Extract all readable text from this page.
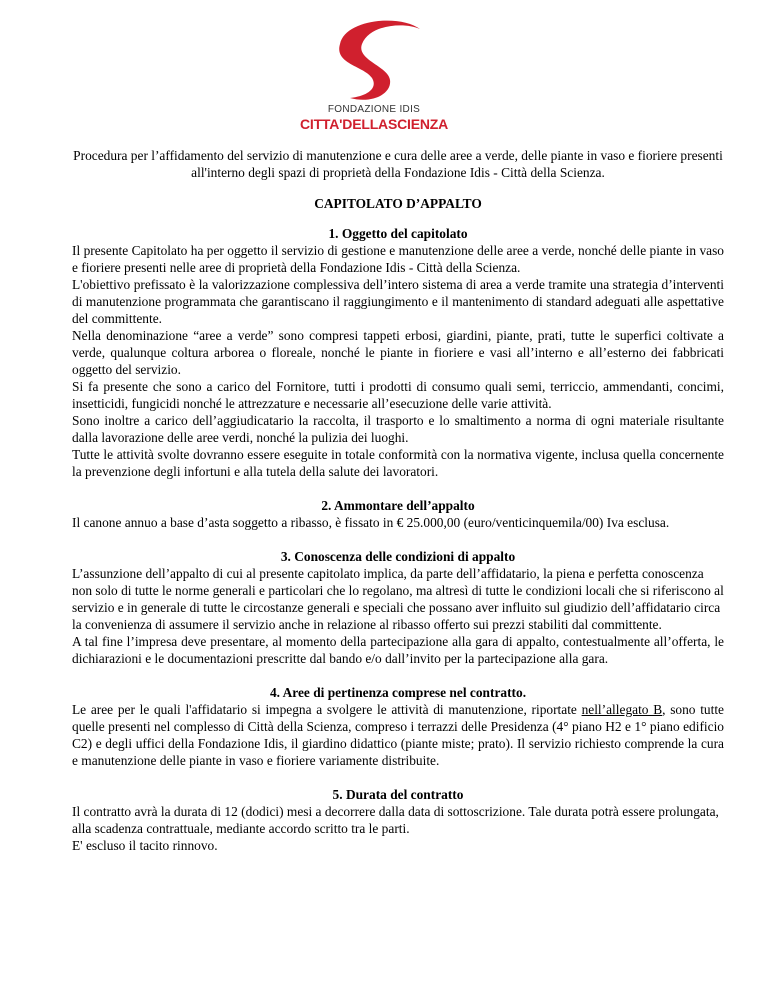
FONDAZIONE IDIS
CITTA'DELLASCIENZA

Procedura per l’affidamento del servizio di manutenzione e cura delle aree a verde, delle piante in vaso e fioriere presenti all'interno degli spazi di proprietà della Fondazione Idis - Città della Scienza.

CAPITOLATO D’APPALTO

1. Oggetto del capitolato

Il presente Capitolato ha per oggetto il servizio di gestione e manutenzione delle aree a verde, nonché delle piante in vaso e fioriere presenti nelle aree di proprietà della Fondazione Idis - Città della Scienza.

L'obiettivo prefissato è la valorizzazione complessiva dell’intero sistema di area a verde tramite una strategia d’interventi di manutenzione programmata che garantiscano il raggiungimento e il mantenimento di standard adeguati alle aspettative del committente.

Nella denominazione “aree a verde” sono compresi tappeti erbosi, giardini, piante, prati, tutte le superfici coltivate a verde, qualunque coltura arborea o floreale, nonché le piante in fioriere e vasi all’interno e all’esterno dei fabbricati oggetto del servizio.

Si fa presente che sono a carico del Fornitore, tutti i prodotti di consumo quali semi, terriccio, ammendanti, concimi, insetticidi, fungicidi nonché le attrezzature e necessarie all’esecuzione delle varie attività.

Sono inoltre a carico dell’aggiudicatario la raccolta, il trasporto e lo smaltimento a norma di ogni materiale risultante dalla lavorazione delle aree verdi, nonché la pulizia dei luoghi.

Tutte le attività svolte dovranno essere eseguite in totale conformità con la normativa vigente, inclusa quella concernente la prevenzione degli infortuni e alla tutela della salute dei lavoratori.

2. Ammontare dell’appalto

Il canone annuo a base d’asta soggetto a ribasso, è fissato in € 25.000,00 (euro/venticinquemila/00) Iva esclusa.

3. Conoscenza delle condizioni di appalto

L’assunzione dell’appalto di cui al presente capitolato implica, da parte dell’affidatario, la piena e perfetta conoscenza non solo di tutte le norme generali e particolari che lo regolano, ma altresì di tutte le condizioni locali che si riferiscono al servizio e in generale di tutte le circostanze generali e speciali che possano aver influito sul giudizio dell’affidatario circa la convenienza di assumere il servizio anche in relazione al ribasso offerto sui prezzi stabiliti dal committente.

A tal fine l’impresa deve presentare, al momento della partecipazione alla gara di appalto, contestualmente all’offerta, le dichiarazioni e le documentazioni prescritte dal bando e/o dall’invito per la partecipazione alla gara.

4. Aree di pertinenza comprese nel contratto.

Le aree per le quali l'affidatario si impegna a svolgere le attività di manutenzione, riportate nell’allegato B, sono tutte quelle presenti nel complesso di Città della Scienza, compreso i terrazzi delle Presidenza (4° piano H2 e 1° piano edificio C2) e degli uffici della Fondazione Idis, il giardino didattico (piante miste; prato). Il servizio richiesto comprende la cura e manutenzione delle piante in vaso e fioriere variamente distribuite.

5. Durata del contratto

Il contratto avrà la durata di 12 (dodici) mesi a decorrere dalla data di sottoscrizione. Tale durata potrà essere prolungata, alla scadenza contrattuale, mediante accordo scritto tra le parti.

E' escluso il tacito rinnovo.
